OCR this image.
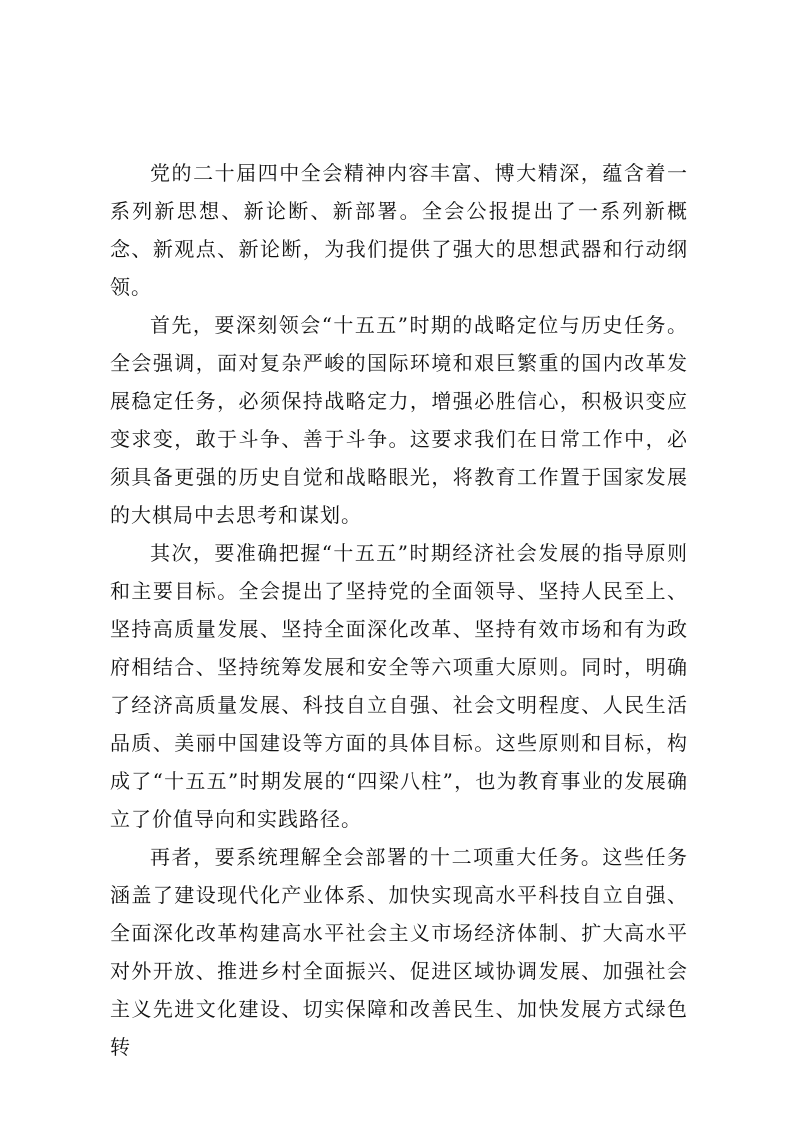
党的二十届四中全会精神内容丰富、博大精深，蕴含着一系列新思想、新论断、新部署。全会公报提出了一系列新概念、新观点、新论断，为我们提供了强大的思想武器和行动纲领。

首先，要深刻领会“十五五”时期的战略定位与历史任务。全会强调，面对复杂严峻的国际环境和艰巨繁重的国内改革发展稳定任务，必须保持战略定力，增强必胜信心，积极识变应变求变，敢于斗争、善于斗争。这要求我们在日常工作中，必须具备更强的历史自觉和战略眼光，将教育工作置于国家发展的大棋局中去思考和谋划。

其次，要准确把握“十五五”时期经济社会发展的指导原则和主要目标。全会提出了坚持党的全面领导、坚持人民至上、坚持高质量发展、坚持全面深化改革、坚持有效市场和有为政府相结合、坚持统筹发展和安全等六项重大原则。同时，明确了经济高质量发展、科技自立自强、社会文明程度、人民生活品质、美丽中国建设等方面的具体目标。这些原则和目标，构成了“十五五”时期发展的“四梁八柱”，也为教育事业的发展确立了价值导向和实践路径。

再者，要系统理解全会部署的十二项重大任务。这些任务涵盖了建设现代化产业体系、加快实现高水平科技自立自强、全面深化改革构建高水平社会主义市场经济体制、扩大高水平对外开放、推进乡村全面振兴、促进区域协调发展、加强社会主义先进文化建设、切实保障和改善民生、加快发展方式绿色转
